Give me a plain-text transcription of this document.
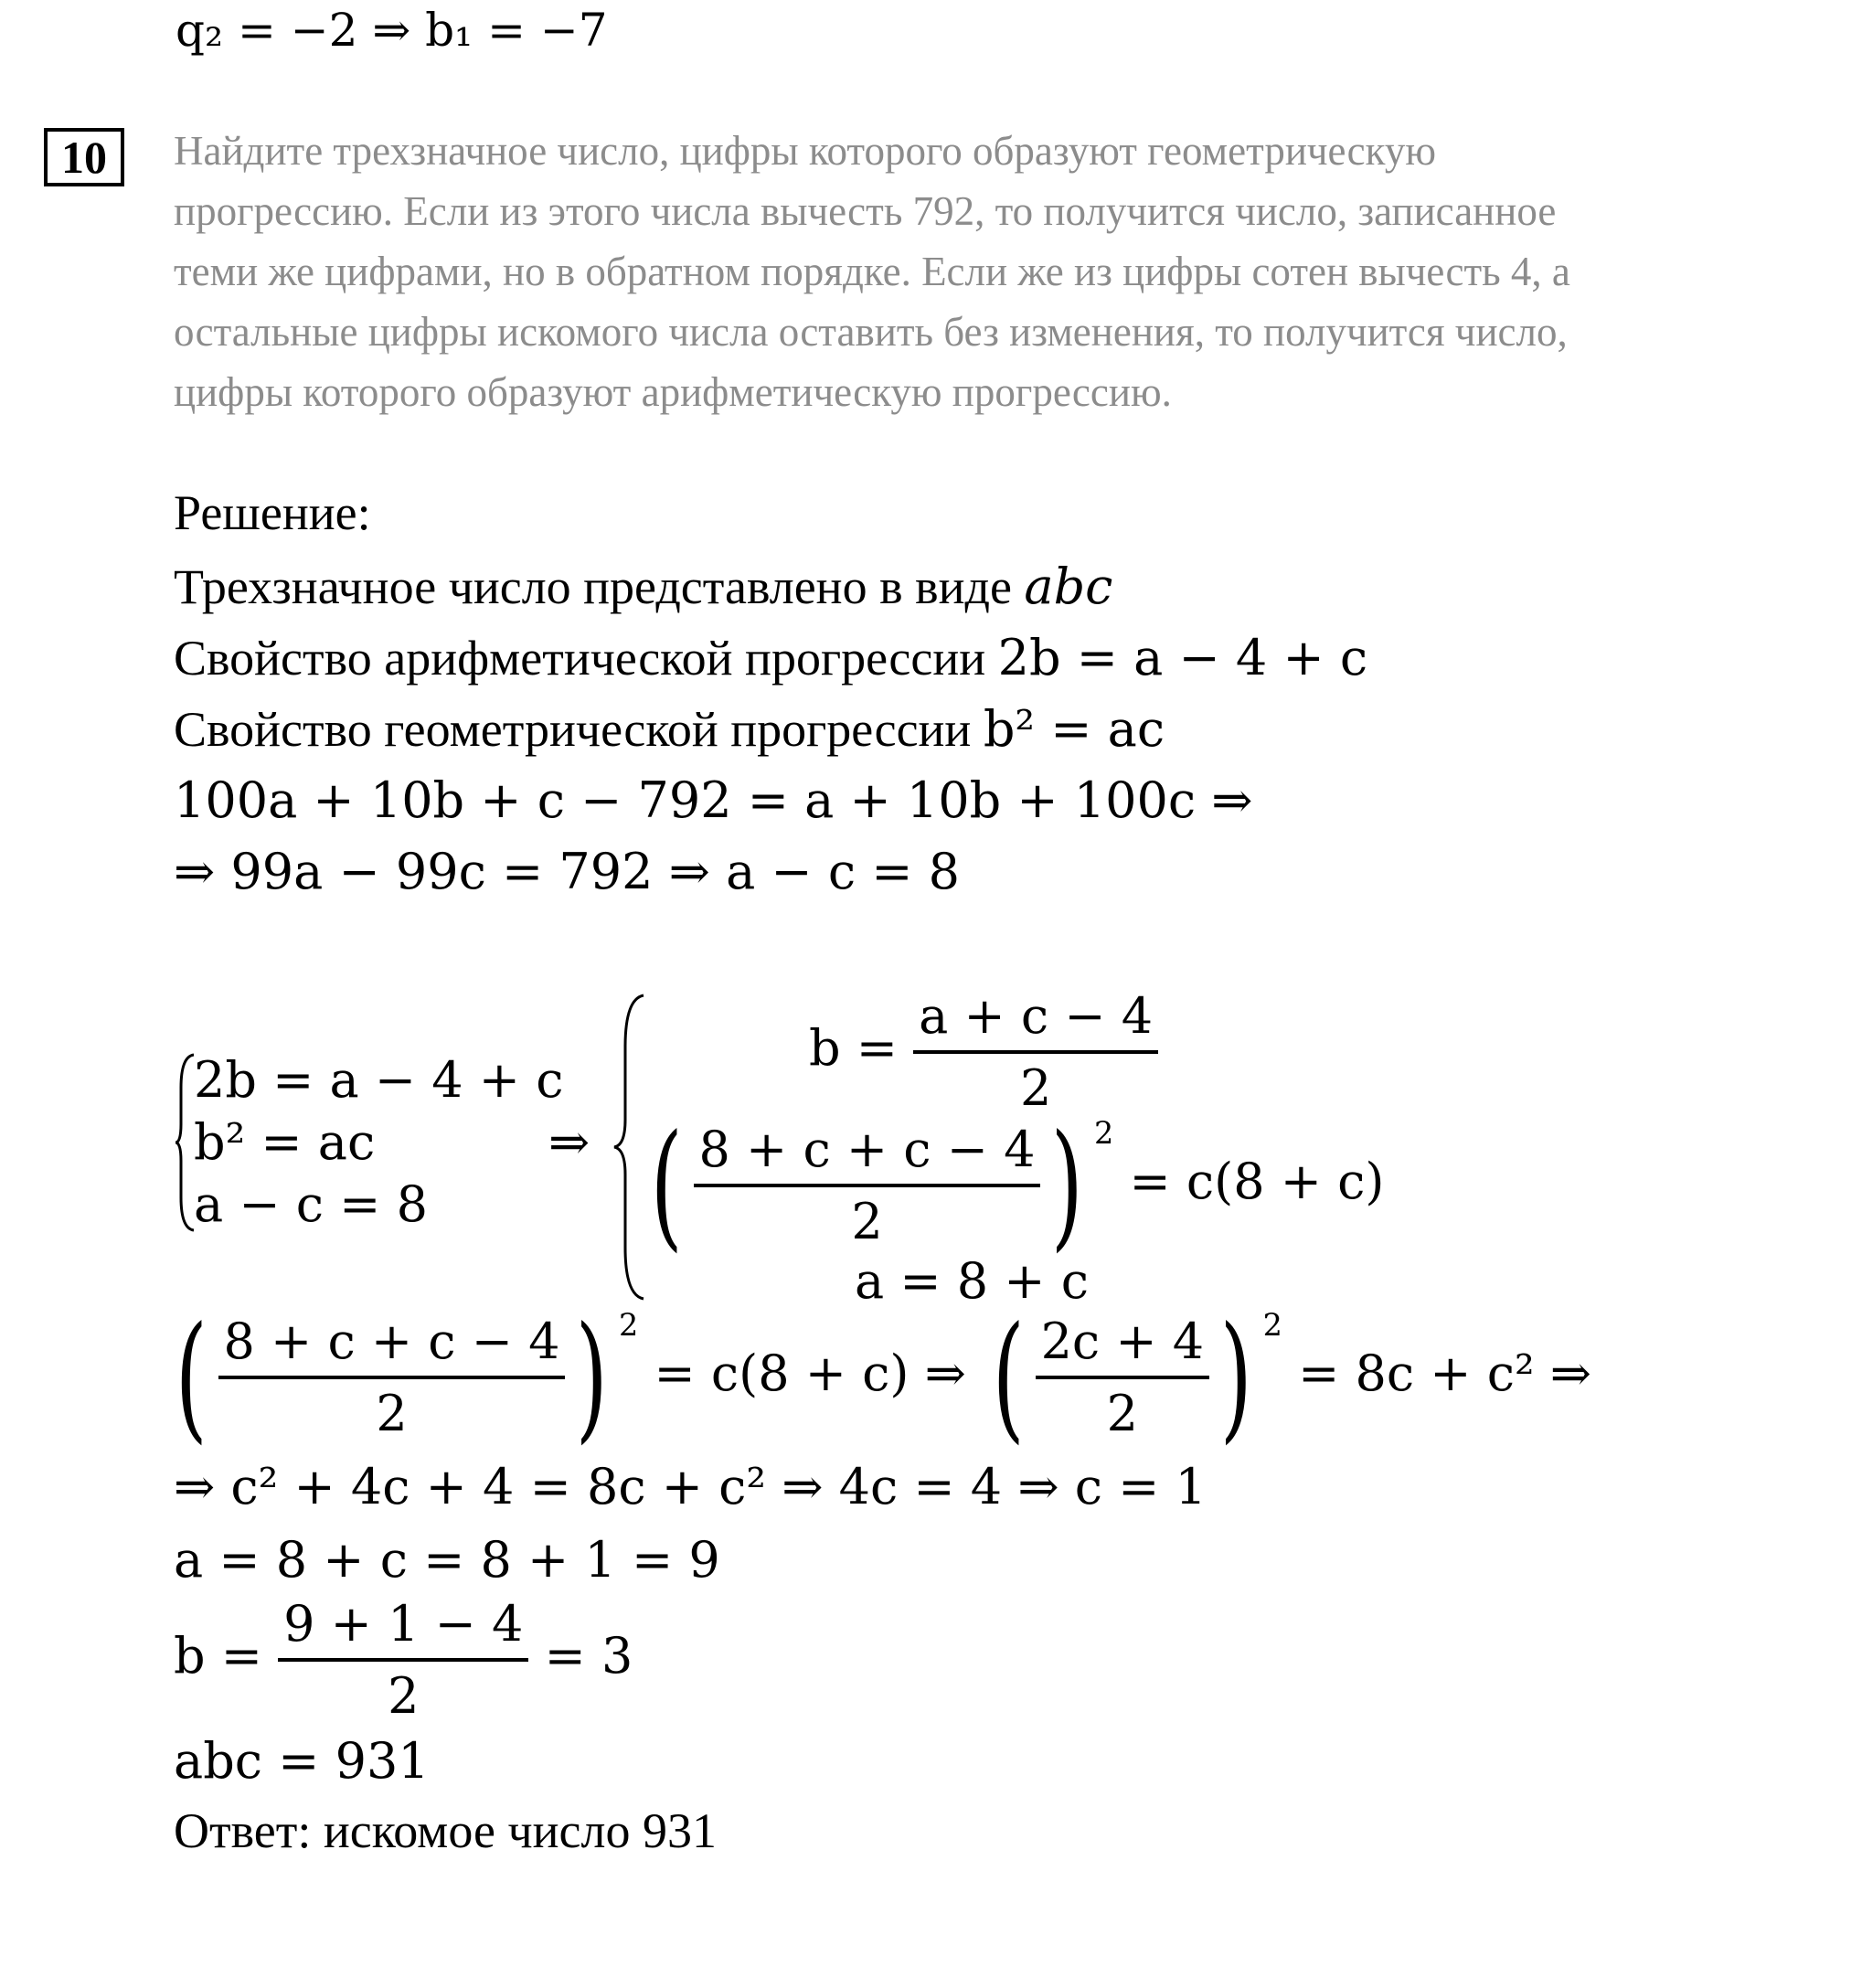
q₂ = −2 ⇒ b₁ = −7
10	Найдите трехзначное число, цифры которого образуют геометрическую
прогрессию. Если из этого числа вычесть 792, то получится число, записанное
теми же цифрами, но в обратном порядке. Если же из цифры сотен вычесть 4, а
остальные цифры искомого числа оставить без изменения, то получится число,
цифры которого образуют арифметическую прогрессию.
Решение:
Трехзначное число представлено в виде abc
Свойство арифметической прогрессии 2b = a − 4 + c
Свойство геометрической прогрессии b² = ac
100a + 10b + c − 792 = a + 10b + 100c ⇒
⇒ 99a − 99c = 792 ⇒ a − c = 8
2b = a − 4 + c
b² = ac
a − c = 8
⇒
$b = \frac{a + c - 4}{2}$
( $\frac{8 + c + c - 4}{2}$ ) $^2$ = c(8 + c)
a = 8 + c
( $\frac{8 + c + c - 4}{2}$ ) $^2$ = c(8 + c) ⇒ ( $\frac{2c + 4}{2}$ ) $^2$ = 8c + c² ⇒
⇒ c² + 4c + 4 = 8c + c² ⇒ 4c = 4 ⇒ c = 1
a = 8 + c = 8 + 1 = 9
$b = \frac{9 + 1 - 4}{2} = 3$
abc = 931
Ответ: искомое число 931
